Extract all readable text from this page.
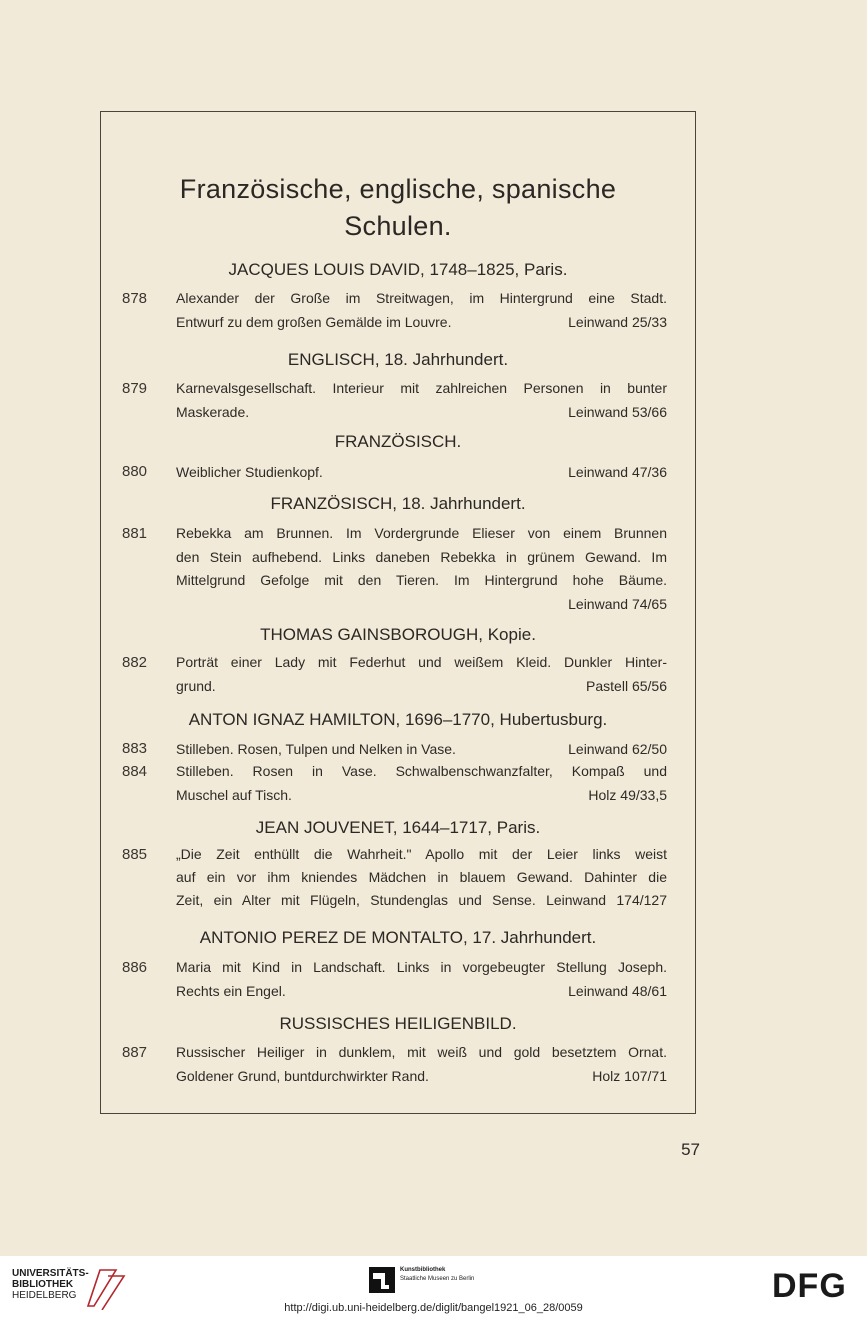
Französische, englische, spanische
Schulen.
JACQUES LOUIS DAVID, 1748–1825, Paris.
878	Alexander der Große im Streitwagen, im Hintergrund eine Stadt.
Entwurf zu dem großen Gemälde im Louvre.	Leinwand 25/33
ENGLISCH, 18. Jahrhundert.
879	Karnevalsgesellschaft. Interieur mit zahlreichen Personen in bunter
Maskerade.	Leinwand 53/66
FRANZÖSISCH.
880	Weiblicher Studienkopf.	Leinwand 47/36
FRANZÖSISCH, 18. Jahrhundert.
881	Rebekka am Brunnen. Im Vordergrunde Elieser von einem Brunnen
den Stein aufhebend. Links daneben Rebekka in grünem Gewand. Im
Mittelgrund Gefolge mit den Tieren. Im Hintergrund hohe Bäume.
Leinwand 74/65
THOMAS GAINSBOROUGH, Kopie.
882	Porträt einer Lady mit Federhut und weißem Kleid. Dunkler Hinter-
grund.	Pastell 65/56
ANTON IGNAZ HAMILTON, 1696–1770, Hubertusburg.
883	Stilleben. Rosen, Tulpen und Nelken in Vase.	Leinwand 62/50
884	Stilleben. Rosen in Vase. Schwalbenschwanzfalter, Kompaß und
Muschel auf Tisch.	Holz 49/33,5
JEAN JOUVENET, 1644–1717, Paris.
885	„Die Zeit enthüllt die Wahrheit." Apollo mit der Leier links weist
auf ein vor ihm kniendes Mädchen in blauem Gewand. Dahinter die
Zeit, ein Alter mit Flügeln, Stundenglas und Sense. Leinwand 174/127
ANTONIO PEREZ DE MONTALTO, 17. Jahrhundert.
886	Maria mit Kind in Landschaft. Links in vorgebeugter Stellung Joseph.
Rechts ein Engel.	Leinwand 48/61
RUSSISCHES HEILIGENBILD.
887	Russischer Heiliger in dunklem, mit weiß und gold besetztem Ornat.
Goldener Grund, buntdurchwirkter Rand.	Holz 107/71
57
UNIVERSITÄTS-
BIBLIOTHEK
HEIDELBERG
Kunstbibliothek
Staatliche Museen zu Berlin	DFG
http://digi.ub.uni-heidelberg.de/diglit/bangel1921_06_28/0059
